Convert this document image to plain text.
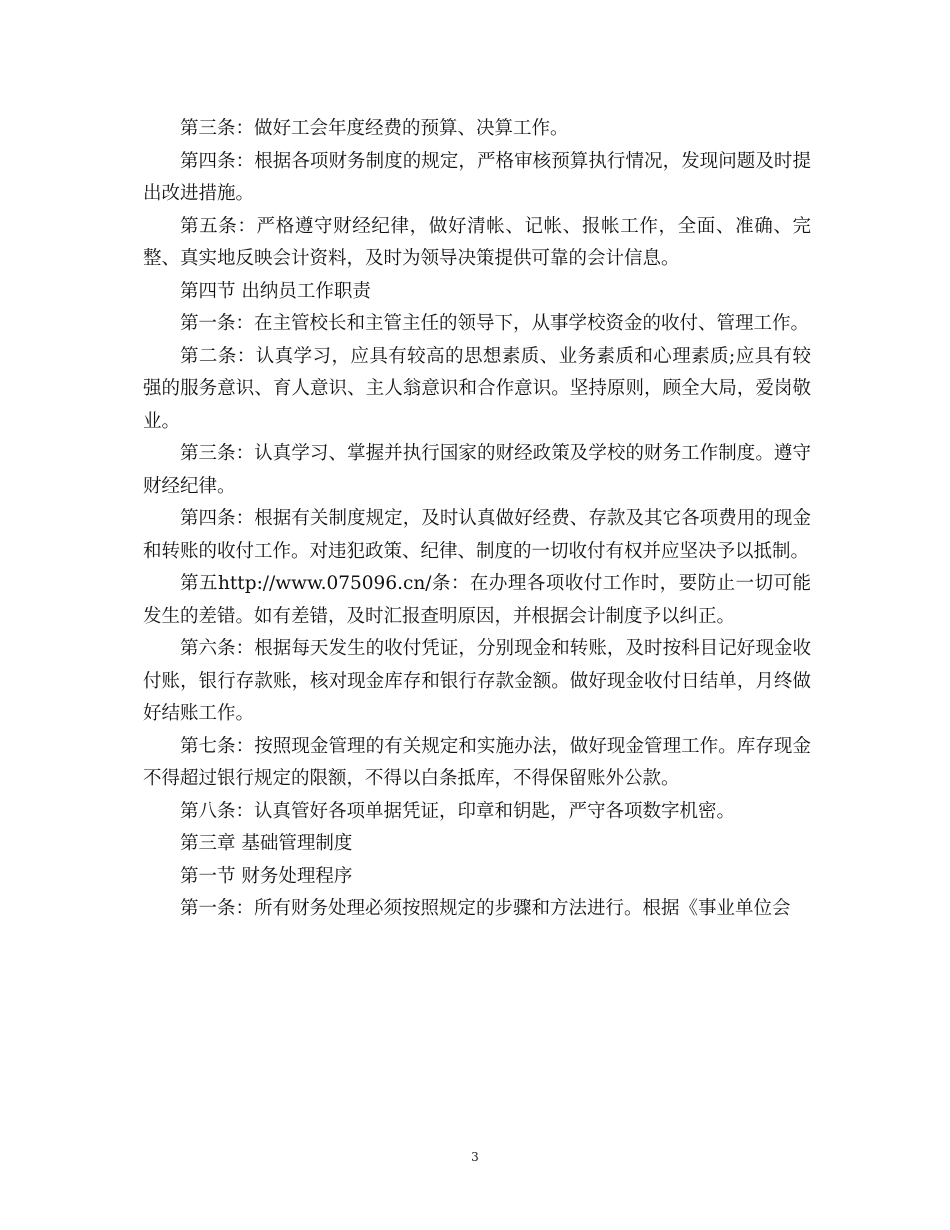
第三条：做好工会年度经费的预算、决算工作。

第四条：根据各项财务制度的规定，严格审核预算执行情况，发现问题及时提出改进措施。

第五条：严格遵守财经纪律，做好清帐、记帐、报帐工作，全面、准确、完整、真实地反映会计资料，及时为领导决策提供可靠的会计信息。

第四节 出纳员工作职责

第一条：在主管校长和主管主任的领导下，从事学校资金的收付、管理工作。

第二条：认真学习，应具有较高的思想素质、业务素质和心理素质;应具有较强的服务意识、育人意识、主人翁意识和合作意识。坚持原则，顾全大局，爱岗敬业。

第三条：认真学习、掌握并执行国家的财经政策及学校的财务工作制度。遵守财经纪律。

第四条：根据有关制度规定，及时认真做好经费、存款及其它各项费用的现金和转账的收付工作。对违犯政策、纪律、制度的一切收付有权并应坚决予以抵制。

第五http://www.075096.cn/条：在办理各项收付工作时，要防止一切可能发生的差错。如有差错，及时汇报查明原因，并根据会计制度予以纠正。

第六条：根据每天发生的收付凭证，分别现金和转账，及时按科目记好现金收付账，银行存款账，核对现金库存和银行存款金额。做好现金收付日结单，月终做好结账工作。

第七条：按照现金管理的有关规定和实施办法，做好现金管理工作。库存现金不得超过银行规定的限额，不得以白条抵库，不得保留账外公款。

第八条：认真管好各项单据凭证，印章和钥匙，严守各项数字机密。

第三章 基础管理制度

第一节 财务处理程序

第一条：所有财务处理必须按照规定的步骤和方法进行。根据《事业单位会

3
